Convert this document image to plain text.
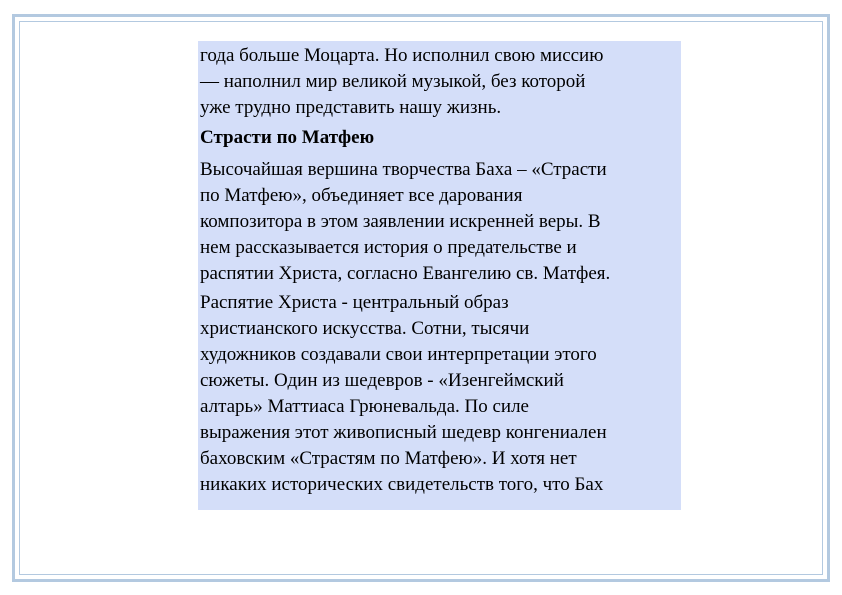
года больше Моцарта. Но исполнил свою миссию
— наполнил мир великой музыкой, без которой
уже трудно представить нашу жизнь.

Страсти по Матфею

Высочайшая вершина творчества Баха – «Страсти
по Матфею», объединяет все дарования
композитора в этом заявлении искренней веры. В
нем рассказывается история о предательстве и
распятии Христа, согласно Евангелию св. Матфея.

Распятие Христа - центральный образ
христианского искусства. Сотни, тысячи
художников создавали свои интерпретации этого
сюжеты. Один из шедевров - «Изенгеймский
алтарь» Маттиаса Грюневальда. По силе
выражения этот живописный шедевр конгениален
баховским «Страстям по Матфею». И хотя нет
никаких исторических свидетельств того, что Бах
